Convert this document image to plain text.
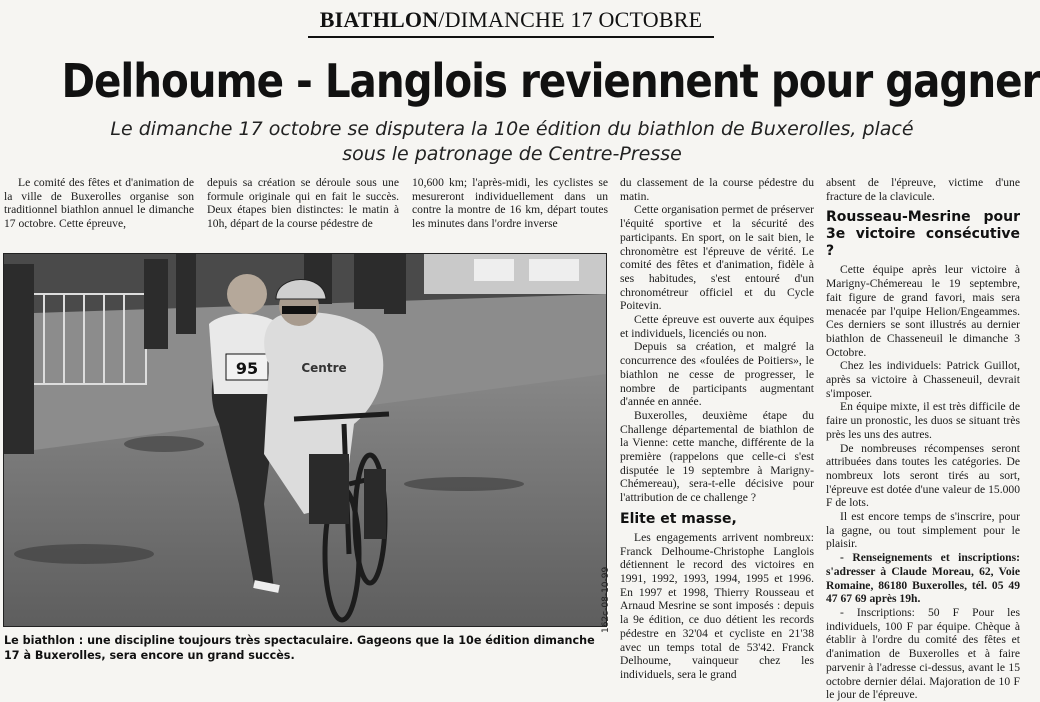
BIATHLON/DIMANCHE 17 OCTOBRE
Delhoume - Langlois reviennent pour gagner
Le dimanche 17 octobre se disputera la 10e édition du biathlon de Buxerolles, placé sous le patronage de Centre-Presse

Le comité des fêtes et d'animation de la ville de Buxerolles organise son traditionnel biathlon annuel le dimanche 17 octobre. Cette épreuve,

depuis sa création se déroule sous une formule originale qui en fait le succès. Deux étapes bien distinctes: le matin à 10h, départ de la course pédestre de

10,600 km; l'après-midi, les cyclistes se mesureront individuellement dans un contre la montre de 16 km, départ toutes les minutes dans l'ordre inverse

du classement de la course pédestre du matin.

Cette organisation permet de préserver l'équité sportive et la sécurité des participants. En sport, on le sait bien, le chronomètre est l'épreuve de vérité. Le comité des fêtes et d'animation, fidèle à ses habitudes, s'est entouré d'un chronométreur officiel et du Cycle Poitevin.

Cette épreuve est ouverte aux équipes et individuels, licenciés ou non.

Depuis sa création, et malgré la concurrence des «foulées de Poitiers», le biathlon ne cesse de progresser, le nombre de participants augmentant d'année en année.

Buxerolles, deuxième étape du Challenge départemental de biathlon de la Vienne: cette manche, différente de la première (rappelons que celle-ci s'est disputée le 19 septembre à Marigny-Chémereau), sera-t-elle décisive pour l'attribution de ce challenge ?

Elite et masse,

Les engagements arrivent nombreux: Franck Delhoume-Christophe Langlois détiennent le record des victoires en 1991, 1992, 1993, 1994, 1995 et 1996. En 1997 et 1998, Thierry Rousseau et Arnaud Mesrine se sont imposés : depuis la 9e édition, ce duo détient les records pédestre en 32'04 et cycliste en 21'38 avec un temps total de 53'42. Franck Delhoume, vainqueur chez les individuels, sera le grand

absent de l'épreuve, victime d'une fracture de la clavicule.

Rousseau-Mesrine pour 3e victoire consécutive ?

Cette équipe après leur victoire à Marigny-Chémereau le 19 septembre, fait figure de grand favori, mais sera menacée par l'quipe Helion/Engeammes. Ces derniers se sont illustrés au dernier biathlon de Chasseneuil le dimanche 3 Octobre.

Chez les individuels: Patrick Guillot, après sa victoire à Chasseneuil, devrait s'imposer.

En équipe mixte, il est très difficile de faire un pronostic, les duos se situant très près les uns des autres.

De nombreuses récompenses seront attribuées dans toutes les catégories. De nombreux lots seront tirés au sort, l'épreuve est dotée d'une valeur de 15.000 F de lots.

Il est encore temps de s'inscrire, pour la gagne, ou tout simplement pour le plaisir.

- Renseignements et inscriptions: s'adresser à Claude Moreau, 62, Voie Romaine, 86180 Buxerolles, tél. 05 49 47 67 69 après 19h.

- Inscriptions: 50 F Pour les individuels, 100 F par équipe. Chèque à établir à l'ordre du comité des fêtes et d'animation de Buxerolles et à faire parvenir à l'adresse ci-dessus, avant le 15 octobre dernier délai. Majoration de 10 F le jour de l'épreuve.

95	Centre
162c-08-10-99
Le biathlon : une discipline toujours très spectaculaire. Gageons que la 10e édition dimanche 17 à Buxerolles, sera encore un grand succès.
